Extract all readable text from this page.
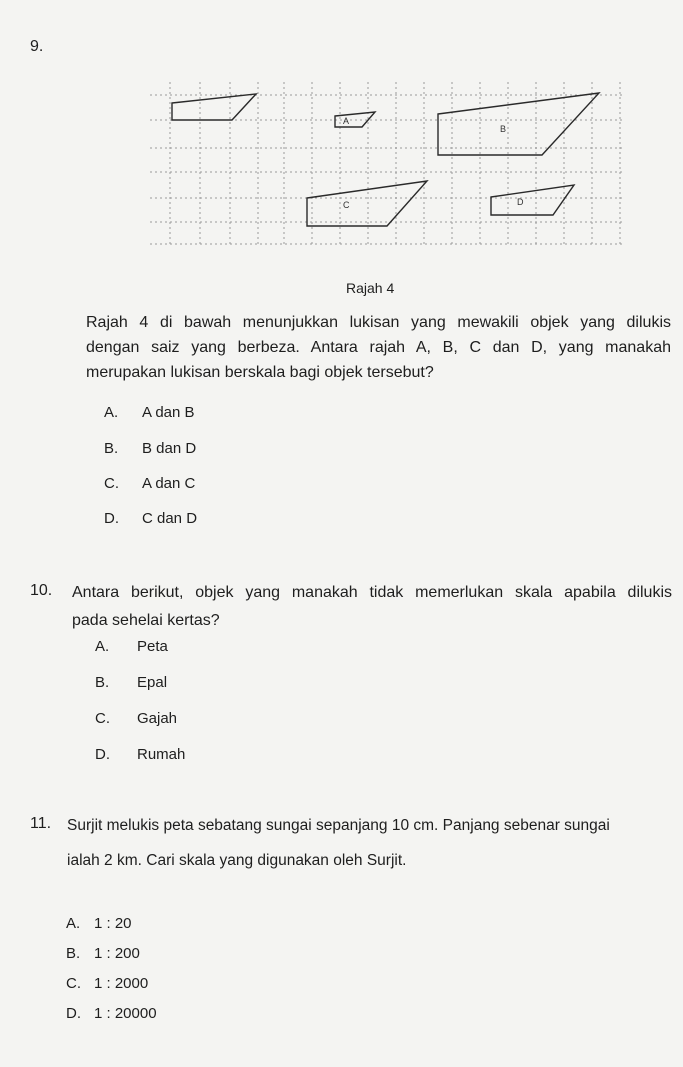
9.
A
B
C	D
Rajah 4
Rajah 4 di bawah menunjukkan lukisan yang mewakili objek yang dilukis
dengan saiz yang berbeza. Antara rajah A, B, C dan D, yang manakah
merupakan lukisan berskala bagi objek tersebut?
A. A dan B
B. B dan D
C. A dan C
D. C dan D
10. Antara berikut, objek yang manakah tidak memerlukan skala apabila dilukis
pada sehelai kertas?
A. Peta
B. Epal
C. Gajah
D. Rumah
11. Surjit melukis peta sebatang sungai sepanjang 10 cm. Panjang sebenar sungai
ialah 2 km. Cari skala yang digunakan oleh Surjit.
A. 1 : 20
B. 1 : 200
C. 1 : 2000
D. 1 : 20000
